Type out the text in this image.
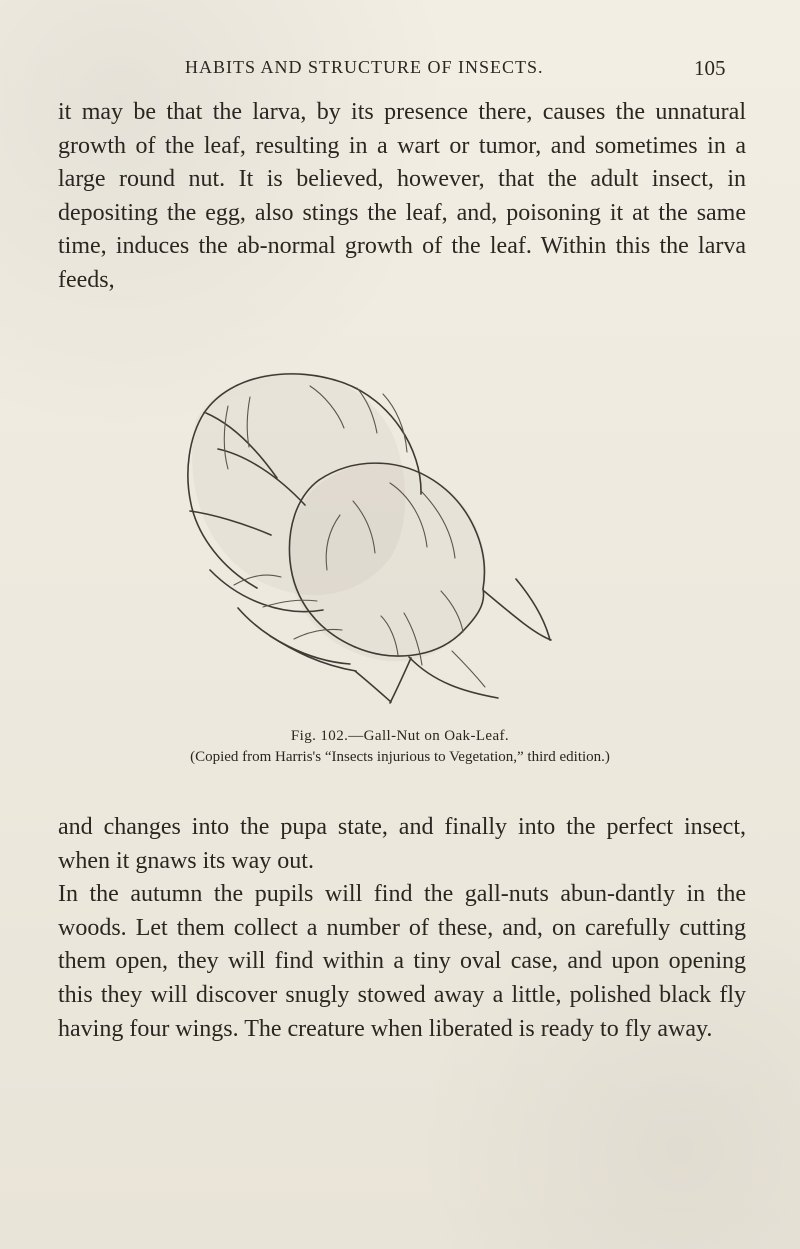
HABITS AND STRUCTURE OF INSECTS.	105

it may be that the larva, by its presence there, causes the unnatural growth of the leaf, resulting in a wart or tumor, and sometimes in a large round nut. It is believed, however, that the adult insect, in depositing the egg, also stings the leaf, and, poisoning it at the same time, induces the ab-normal growth of the leaf. Within this the larva feeds,

Fig. 102.—Gall-Nut on Oak-Leaf.
(Copied from Harris's “Insects injurious to Vegetation,” third edition.)
and changes into the pupa state, and finally into the perfect insect, when it gnaws its way out.
In the autumn the pupils will find the gall-nuts abun-dantly in the woods. Let them collect a number of these, and, on carefully cutting them open, they will find within a tiny oval case, and upon opening this they will discover snugly stowed away a little, polished black fly having four wings. The creature when liberated is ready to fly away.
